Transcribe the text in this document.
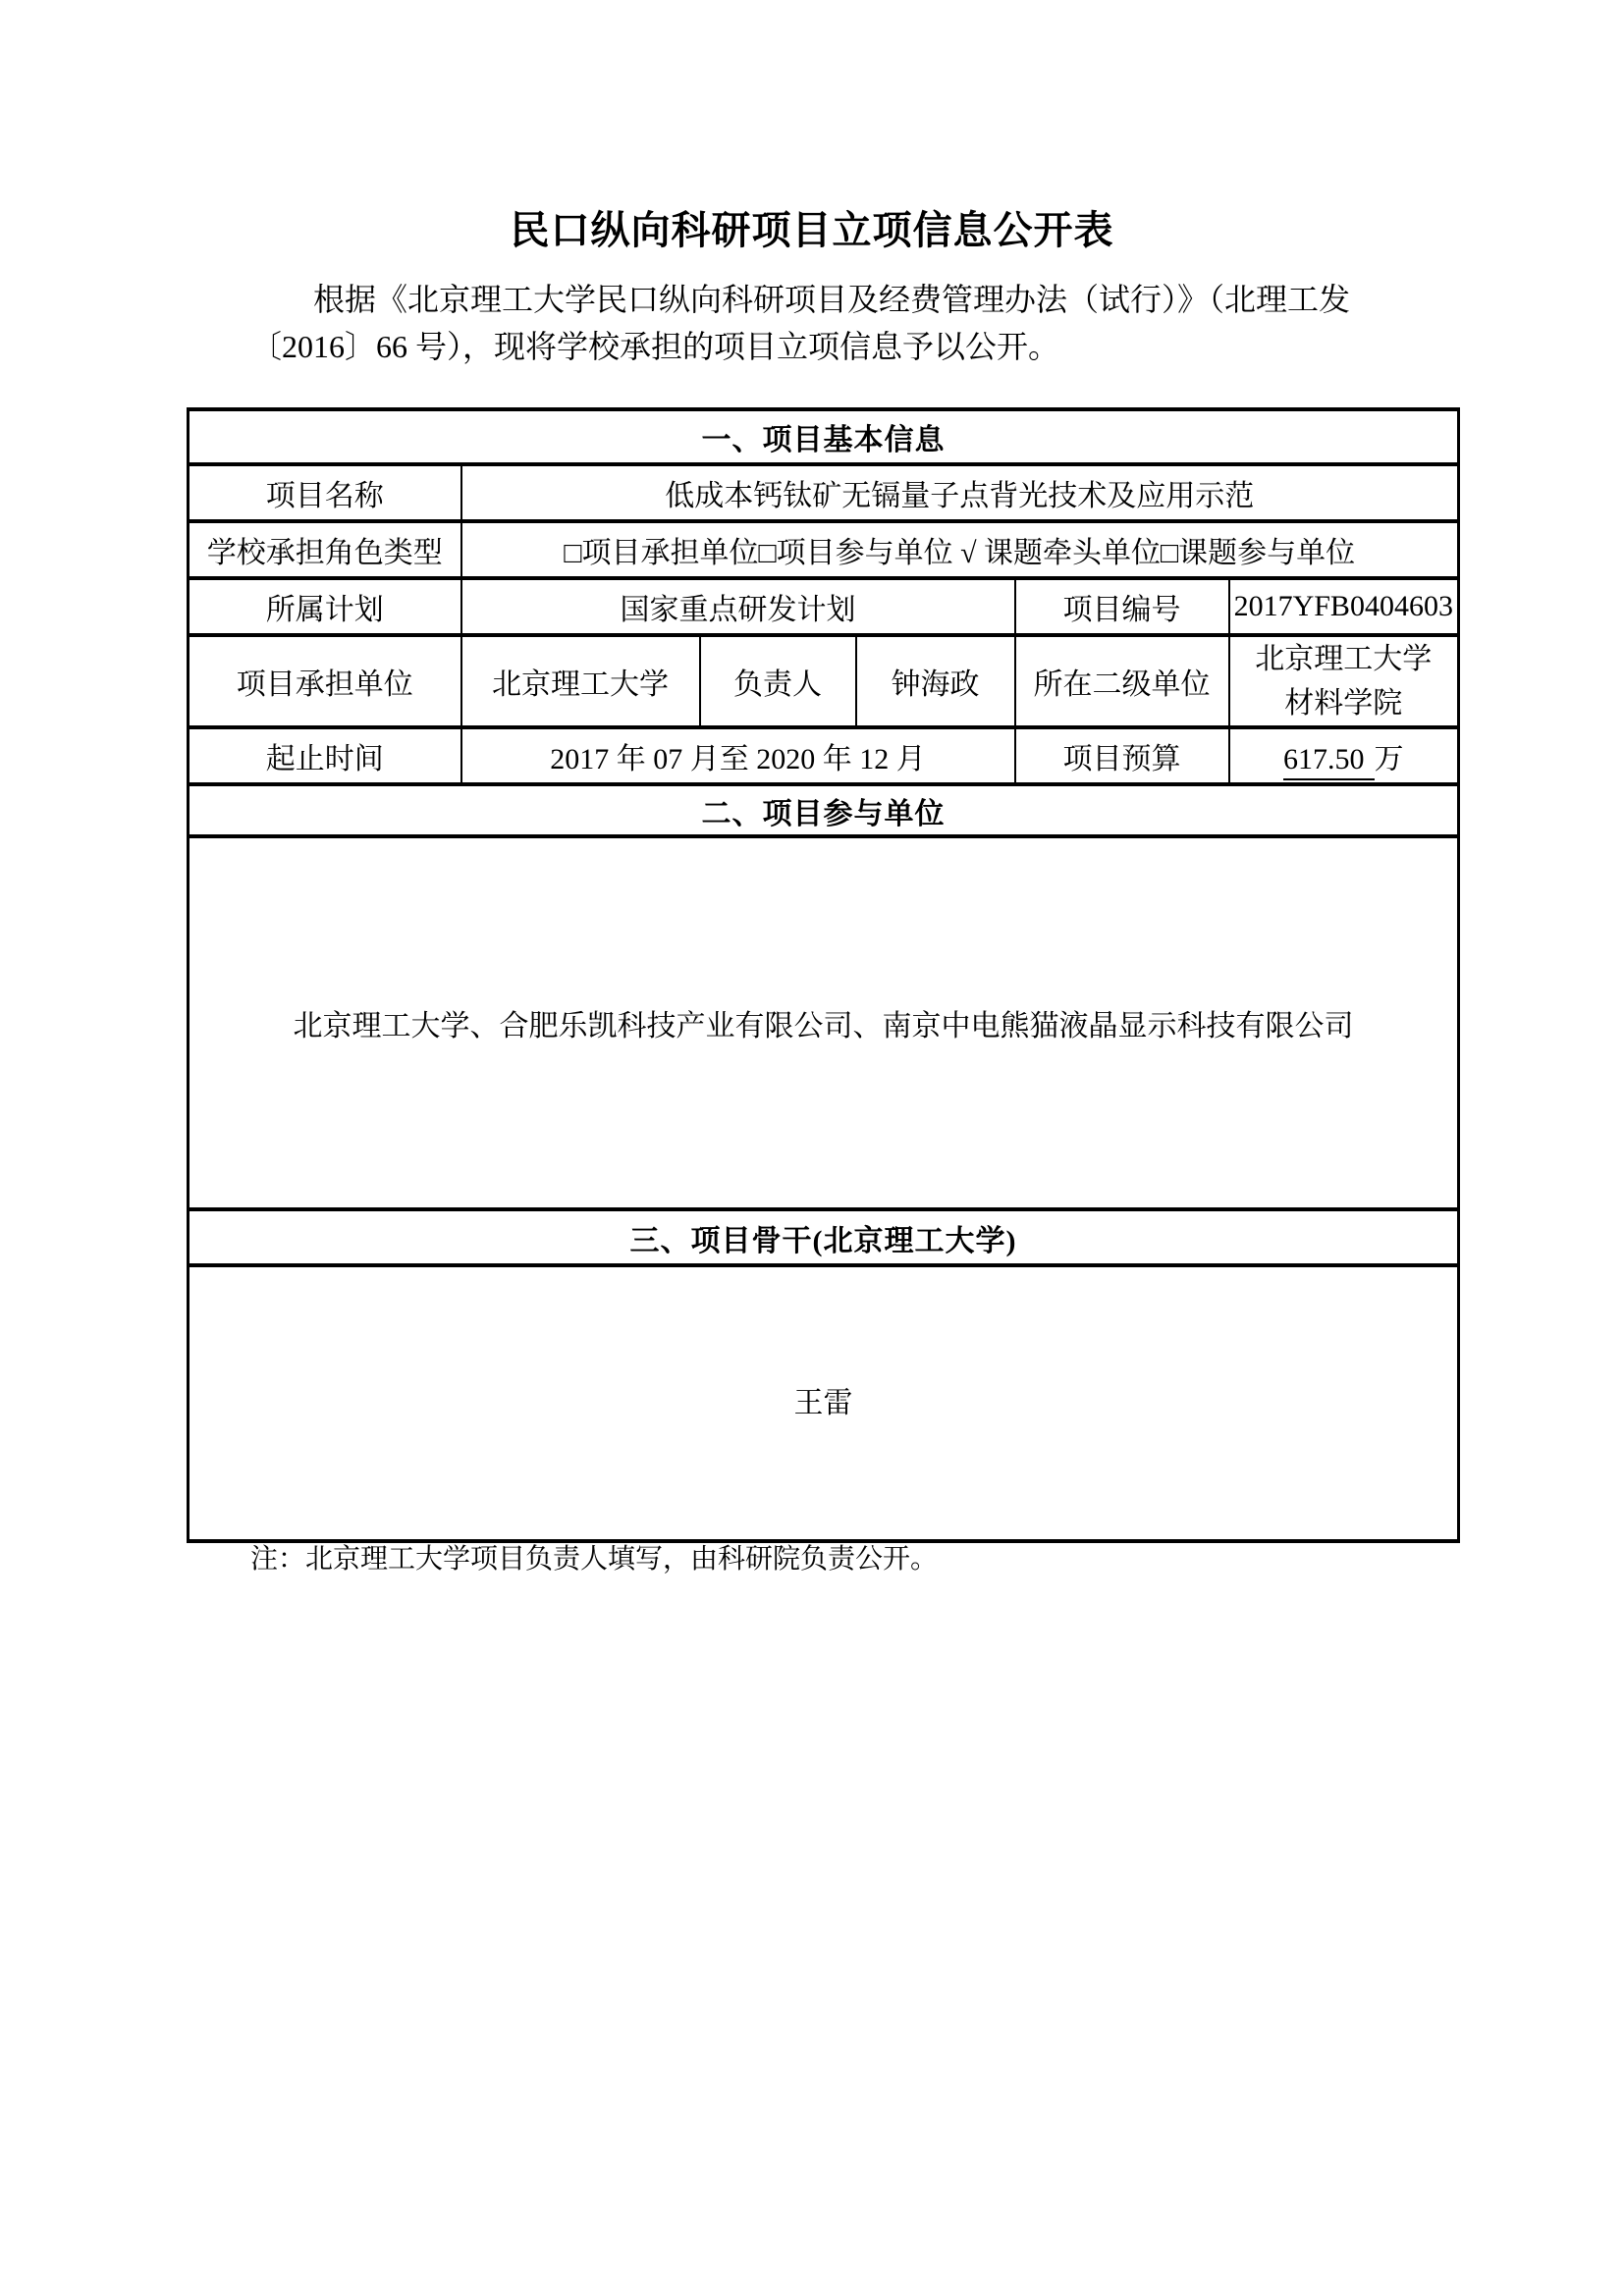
民口纵向科研项目立项信息公开表
根据《北京理工大学民口纵向科研项目及经费管理办法（试行）》（北理工发
〔2016〕66 号），现将学校承担的项目立项信息予以公开。
一、项目基本信息					
项目名称	低成本钙钛矿无镉量子点背光技术及应用示范				
学校承担角色类型	□项目承担单位□项目参与单位 √ 课题牵头单位□课题参与单位				
所属计划	国家重点研发计划			项目编号	2017YFB0404603
项目承担单位	北京理工大学	负责人	钟海政	所在二级单位	北京理工大学
材料学院
起止时间	2017 年 07 月至 2020 年 12 月			项目预算	617.50 万
二、项目参与单位					
北京理工大学、合肥乐凯科技产业有限公司、南京中电熊猫液晶显示科技有限公司					
三、项目骨干(北京理工大学)					
王雷					
注：北京理工大学项目负责人填写，由科研院负责公开。
